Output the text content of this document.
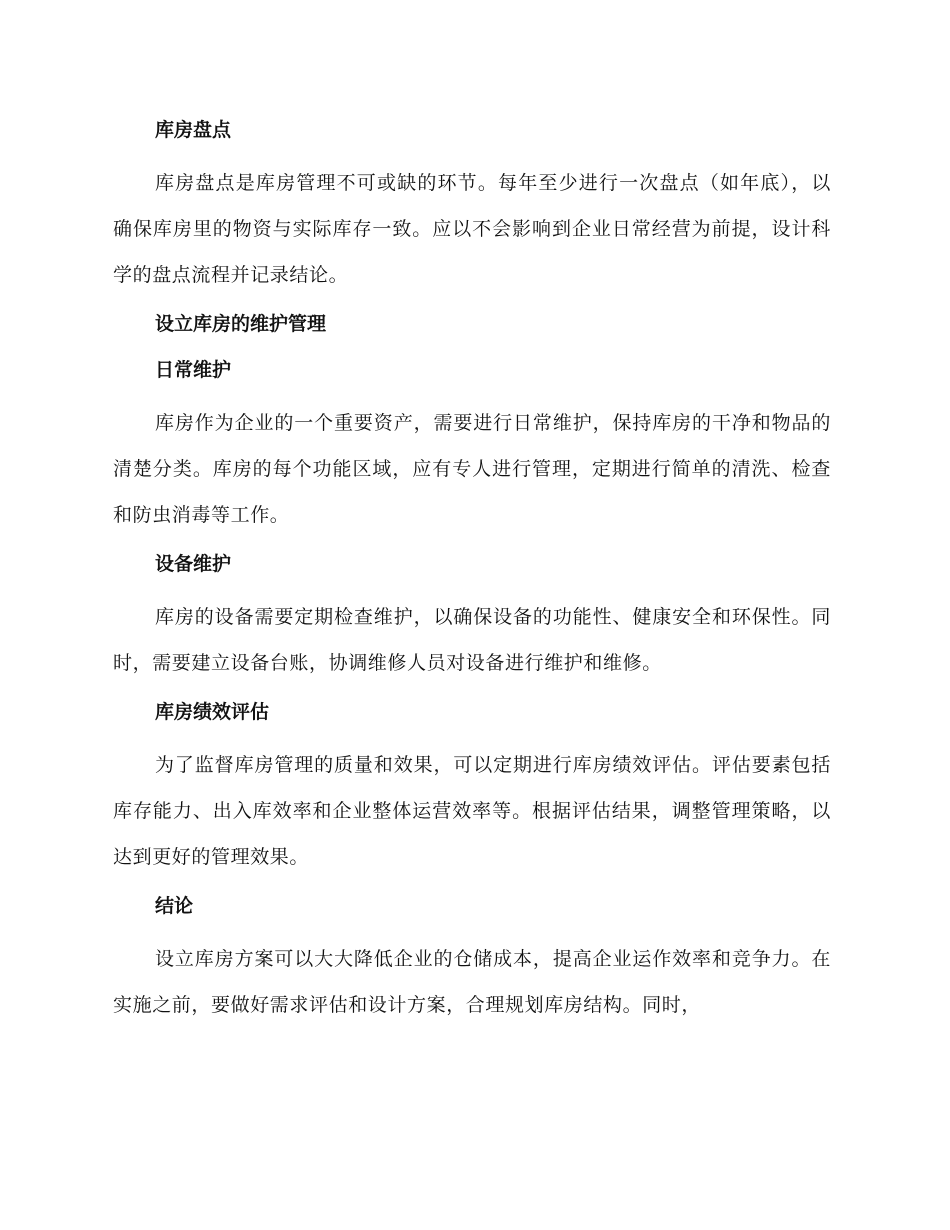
库房盘点
库房盘点是库房管理不可或缺的环节。每年至少进行一次盘点（如年底），以确保库房里的物资与实际库存一致。应以不会影响到企业日常经营为前提，设计科学的盘点流程并记录结论。
设立库房的维护管理
日常维护
库房作为企业的一个重要资产，需要进行日常维护，保持库房的干净和物品的清楚分类。库房的每个功能区域，应有专人进行管理，定期进行简单的清洗、检查和防虫消毒等工作。
设备维护
库房的设备需要定期检查维护，以确保设备的功能性、健康安全和环保性。同时，需要建立设备台账，协调维修人员对设备进行维护和维修。
库房绩效评估
为了监督库房管理的质量和效果，可以定期进行库房绩效评估。评估要素包括库存能力、出入库效率和企业整体运营效率等。根据评估结果，调整管理策略，以达到更好的管理效果。
结论
设立库房方案可以大大降低企业的仓储成本，提高企业运作效率和竞争力。在实施之前，要做好需求评估和设计方案，合理规划库房结构。同时，
